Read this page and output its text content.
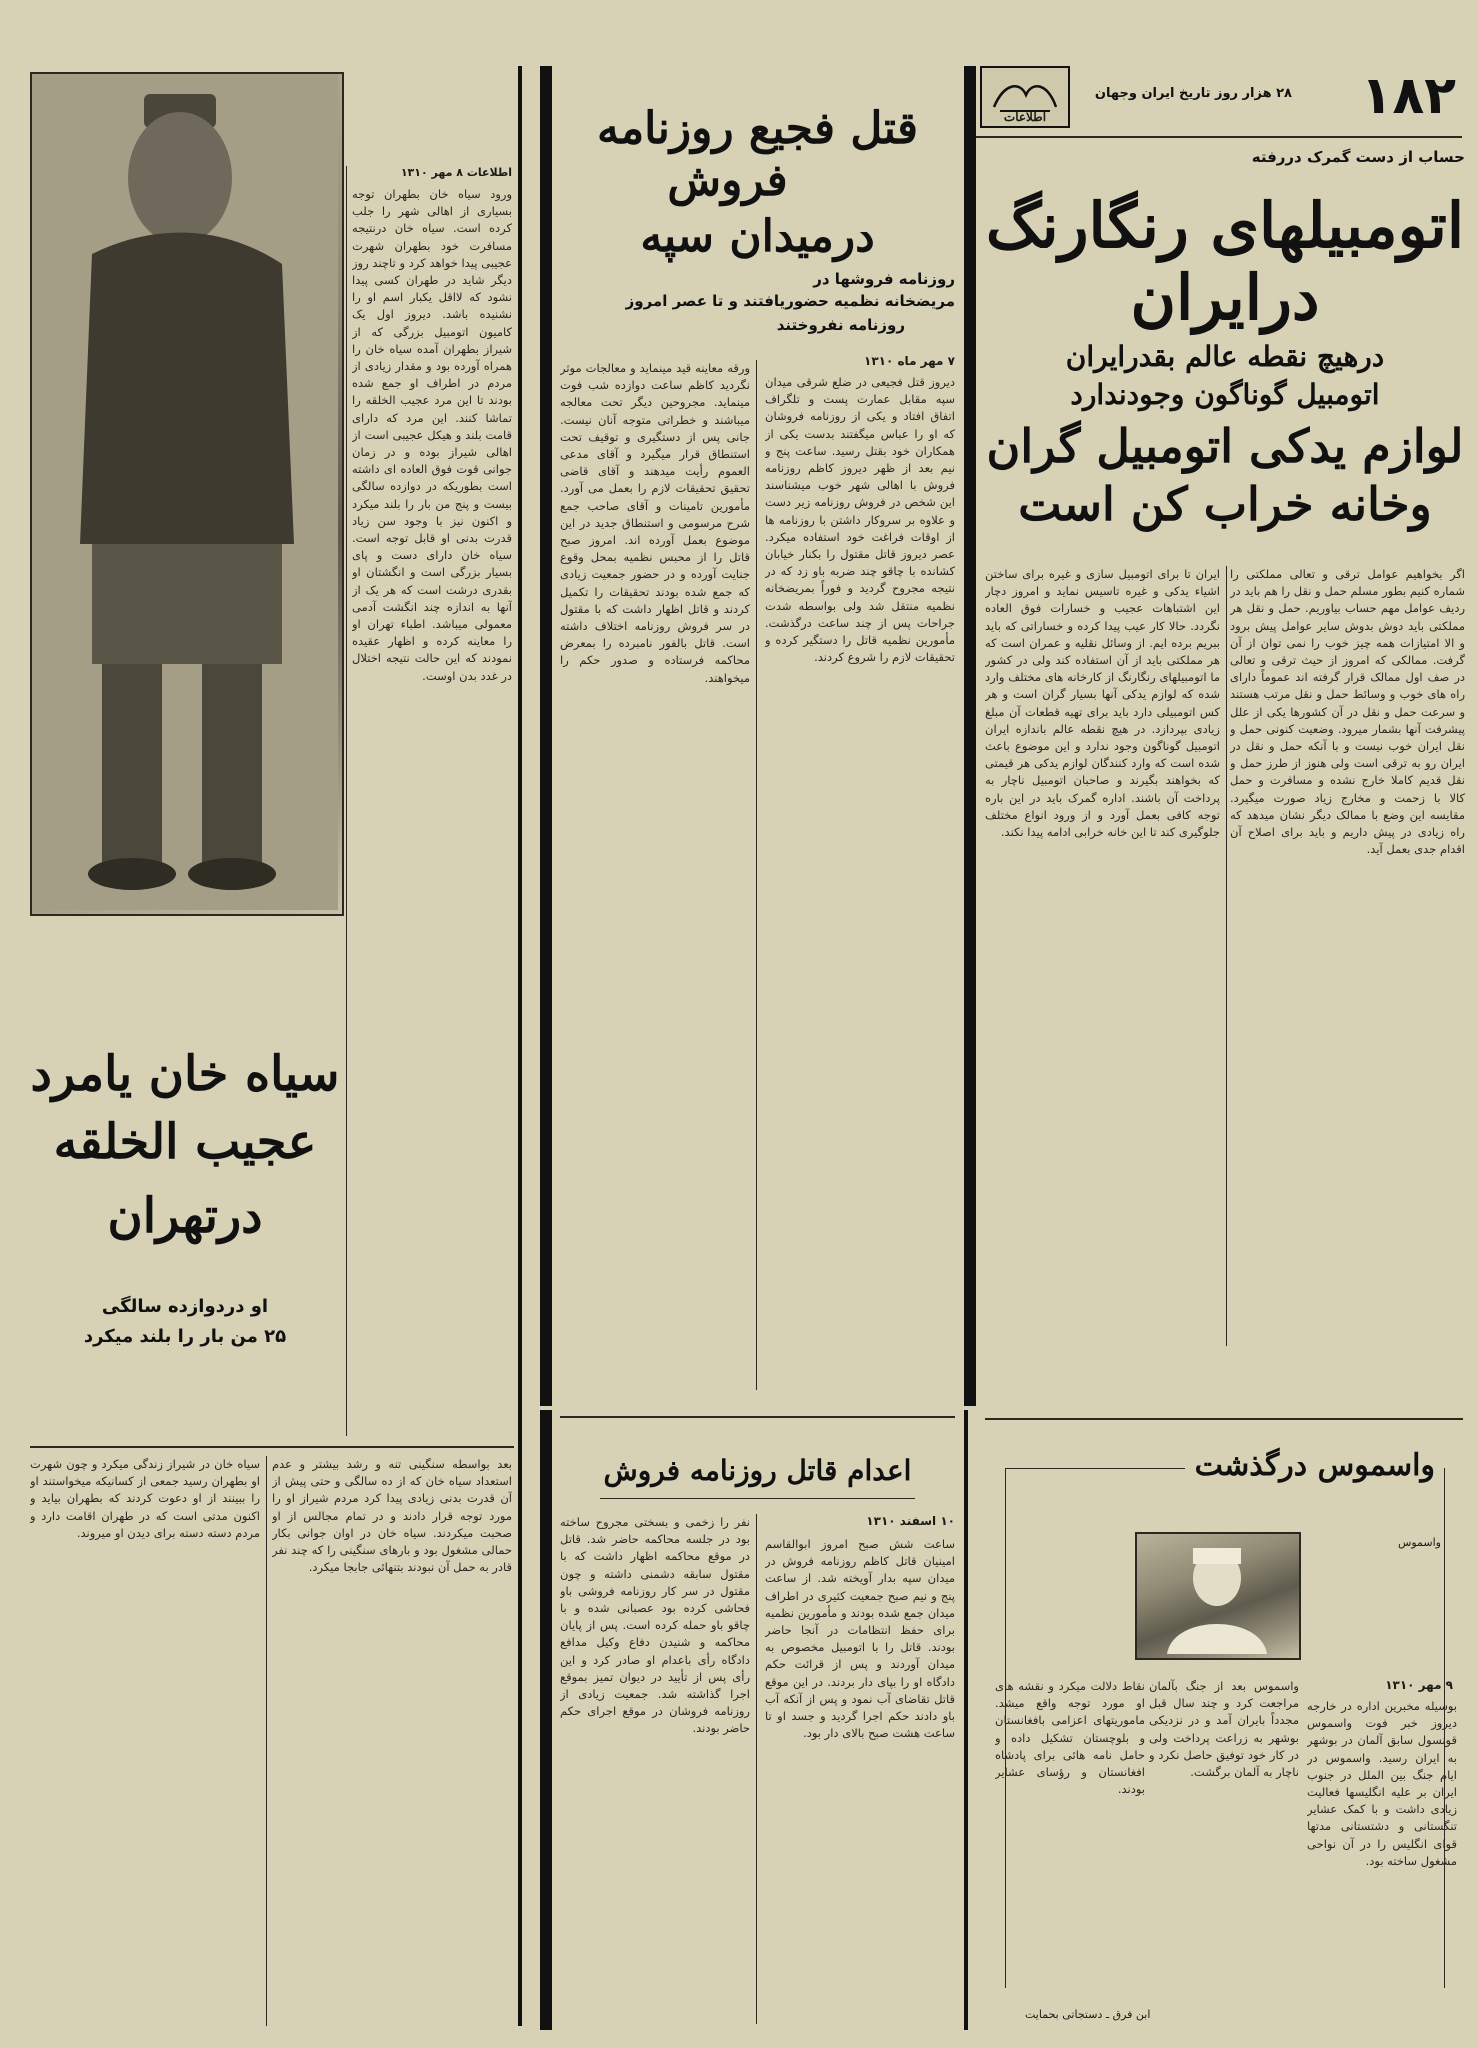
۱۸۲
۲۸ هزار روز تاریخ ایران وجهان
اطلاعات
حساب از دست گمرک دررفته
اتومبیلهای رنگارنگ
درایران
درهیچ نقطه عالم بقدرایران
اتومبیل گوناگون وجودندارد
لوازم یدکی اتومبیل گران
وخانه خراب کن است
اگر بخواهیم عوامل ترقی و تعالی مملکتی را شماره کنیم بطور مسلم حمل و نقل را هم باید در ردیف عوامل مهم حساب بیاوریم. حمل و نقل هر مملکتی باید دوش بدوش سایر عوامل پیش برود و الا امتیازات همه چیز خوب را نمی توان از آن گرفت. ممالکی که امروز از حیث ترقی و تعالی در صف اول ممالک قرار گرفته اند عموماً دارای راه های خوب و وسائط حمل و نقل مرتب هستند و سرعت حمل و نقل در آن کشورها یکی از علل پیشرفت آنها بشمار میرود. وضعیت کنونی حمل و نقل ایران خوب نیست و با آنکه حمل و نقل در ایران رو به ترقی است ولی هنوز از طرز حمل و نقل قدیم کاملا خارج نشده و مسافرت و حمل کالا با زحمت و مخارج زیاد صورت میگیرد. مقایسه این وضع با ممالک دیگر نشان میدهد که راه زیادی در پیش داریم و باید برای اصلاح آن اقدام جدی بعمل آید.
ایران تا برای اتومبیل سازی و غیره برای ساختن اشیاء یدکی و غیره تاسیس نماید و امروز دچار این اشتباهات عجیب و خسارات فوق العاده نگردد. حالا کار عیب پیدا کرده و خساراتی که باید ببریم برده ایم. از وسائل نقلیه و عمران است که هر مملکتی باید از آن استفاده کند ولی در کشور ما اتومبیلهای رنگارنگ از کارخانه های مختلف وارد شده که لوازم یدکی آنها بسیار گران است و هر کس اتومبیلی دارد باید برای تهیه قطعات آن مبلغ زیادی بپردازد. در هیچ نقطه عالم باندازه ایران اتومبیل گوناگون وجود ندارد و این موضوع باعث شده است که وارد کنندگان لوازم یدکی هر قیمتی که بخواهند بگیرند و صاحبان اتومبیل ناچار به پرداخت آن باشند. اداره گمرک باید در این باره توجه کافی بعمل آورد و از ورود انواع مختلف جلوگیری کند تا این خانه خرابی ادامه پیدا نکند.
واسموس درگذشت
واسموس
۹ مهر ۱۳۱۰
بوسیله مخبرین اداره در خارجه دیروز خبر فوت واسموس قونسول سابق آلمان در بوشهر به ایران رسید. واسموس در ایام جنگ بین الملل در جنوب ایران بر علیه انگلیسها فعالیت زیادی داشت و با کمک عشایر تنگستانی و دشتستانی مدتها قوای انگلیس را در آن نواحی مشغول ساخته بود.
واسموس بعد از جنگ بآلمان مراجعت کرد و چند سال قبل مجدداً بایران آمد و در نزدیکی بوشهر به زراعت پرداخت ولی در کار خود توفیق حاصل نکرد و ناچار به آلمان برگشت.
نقاط دلالت میکرد و نقشه های او مورد توجه واقع میشد. ماموریتهای اعزامی بافغانستان و بلوچستان تشکیل داده و حامل نامه هائی برای پادشاه افغانستان و رؤسای عشایر بودند.
ابن فرق ـ دستجاتی بحمایت
قتل فجیع روزنامه
فروش
درمیدان سپه
روزنامه فروشها در
مریضخانه نظمیه حضوریافتند و تا عصر امروز
روزنامه نفروختند
۷ مهر ماه ۱۳۱۰
دیروز قتل فجیعی در ضلع شرقی میدان سپه مقابل عمارت پست و تلگراف اتفاق افتاد و یکی از روزنامه فروشان که او را عباس میگفتند بدست یکی از همکاران خود بقتل رسید. ساعت پنج و نیم بعد از ظهر دیروز کاظم روزنامه فروش با اهالی شهر خوب میشناسند این شخص در فروش روزنامه زیر دست و علاوه بر سروکار داشتن با روزنامه ها از اوقات فراغت خود استفاده میکرد. عصر دیروز قاتل مقتول را بکنار خیابان کشانده با چاقو چند ضربه باو زد که در نتیجه مجروح گردید و فوراً بمریضخانه نظمیه منتقل شد ولی بواسطه شدت جراحات پس از چند ساعت درگذشت. مأمورین نظمیه قاتل را دستگیر کرده و تحقیقات لازم را شروع کردند.
ورقه معاینه قید مینماید و معالجات موثر نگردید کاظم ساعت دوازده شب فوت مینماید. مجروحین دیگر تحت معالجه میباشند و خطراتی متوجه آنان نیست. جانی پس از دستگیری و توقیف تحت استنطاق قرار میگیرد و آقای مدعی العموم رأیت میدهند و آقای قاضی تحقیق تحقیقات لازم را بعمل می آورد. مأمورین تامینات و آقای صاحب جمع شرح مرسومی و استنطاق جدید در این موضوع بعمل آورده اند. امروز صبح قاتل را از محبس نظمیه بمحل وقوع جنایت آورده و در حضور جمعیت زیادی که جمع شده بودند تحقیقات را تکمیل کردند و قاتل اظهار داشت که با مقتول در سر فروش روزنامه اختلاف داشته است. قاتل بالفور نامبرده را بمعرض محاکمه فرستاده و صدور حکم را میخواهند.
اعدام قاتل روزنامه فروش
۱۰ اسفند ۱۳۱۰
ساعت شش صبح امروز ابوالقاسم امینیان قاتل کاظم روزنامه فروش در میدان سپه بدار آویخته شد. از ساعت پنج و نیم صبح جمعیت کثیری در اطراف میدان جمع شده بودند و مأمورین نظمیه برای حفظ انتظامات در آنجا حاضر بودند. قاتل را با اتومبیل مخصوص به میدان آوردند و پس از قرائت حکم دادگاه او را بپای دار بردند. در این موقع قاتل تقاضای آب نمود و پس از آنکه آب باو دادند حکم اجرا گردید و جسد او تا ساعت هشت صبح بالای دار بود.
نفر را زخمی و بسختی مجروح ساخته بود در جلسه محاکمه حاضر شد. قاتل در موقع محاکمه اظهار داشت که با مقتول سابقه دشمنی داشته و چون مقتول در سر کار روزنامه فروشی باو فحاشی کرده بود عصبانی شده و با چاقو باو حمله کرده است. پس از پایان محاکمه و شنیدن دفاع وکیل مدافع دادگاه رأی باعدام او صادر کرد و این رأی پس از تأیید در دیوان تمیز بموقع اجرا گذاشته شد. جمعیت زیادی از روزنامه فروشان در موقع اجرای حکم حاضر بودند.
سیاه خان یامرد
عجیب الخلقه
درتهران
او دردوازده سالگی
۲۵ من بار را بلند میکرد
اطلاعات ۸ مهر ۱۳۱۰
ورود سیاه خان بطهران توجه بسیاری از اهالی شهر را جلب کرده است. سیاه خان درنتیجه مسافرت خود بطهران شهرت عجیبی پیدا خواهد کرد و تاچند روز دیگر شاید در طهران کسی پیدا نشود که لااقل یکبار اسم او را نشنیده باشد. دیروز اول یک کامیون اتومبیل بزرگی که از شیراز بطهران آمده سیاه خان را همراه آورده بود و مقدار زیادی از مردم در اطراف او جمع شده بودند تا این مرد عجیب الخلقه را تماشا کنند. این مرد که دارای قامت بلند و هیکل عجیبی است از اهالی شیراز بوده و در زمان جوانی قوت فوق العاده ای داشته است بطوریکه در دوازده سالگی بیست و پنج من بار را بلند میکرد و اکنون نیز با وجود سن زیاد قدرت بدنی او قابل توجه است. سیاه خان دارای دست و پای بسیار بزرگی است و انگشتان او بقدری درشت است که هر یک از آنها به اندازه چند انگشت آدمی معمولی میباشد. اطباء تهران او را معاینه کرده و اظهار عقیده نمودند که این حالت نتیجه اختلال در غدد بدن اوست.
بعد بواسطه سنگینی تنه و رشد بیشتر و عدم استعداد سیاه خان که از ده سالگی و حتی پیش از آن قدرت بدنی زیادی پیدا کرد مردم شیراز او را مورد توجه قرار دادند و در تمام مجالس از او صحبت میکردند. سیاه خان در اوان جوانی بکار حمالی مشغول بود و بارهای سنگینی را که چند نفر قادر به حمل آن نبودند بتنهائی جابجا میکرد.
سیاه خان در شیراز زندگی میکرد و چون شهرت او بطهران رسید جمعی از کسانیکه میخواستند او را ببینند از او دعوت کردند که بطهران بیاید و اکنون مدتی است که در طهران اقامت دارد و مردم دسته دسته برای دیدن او میروند.
